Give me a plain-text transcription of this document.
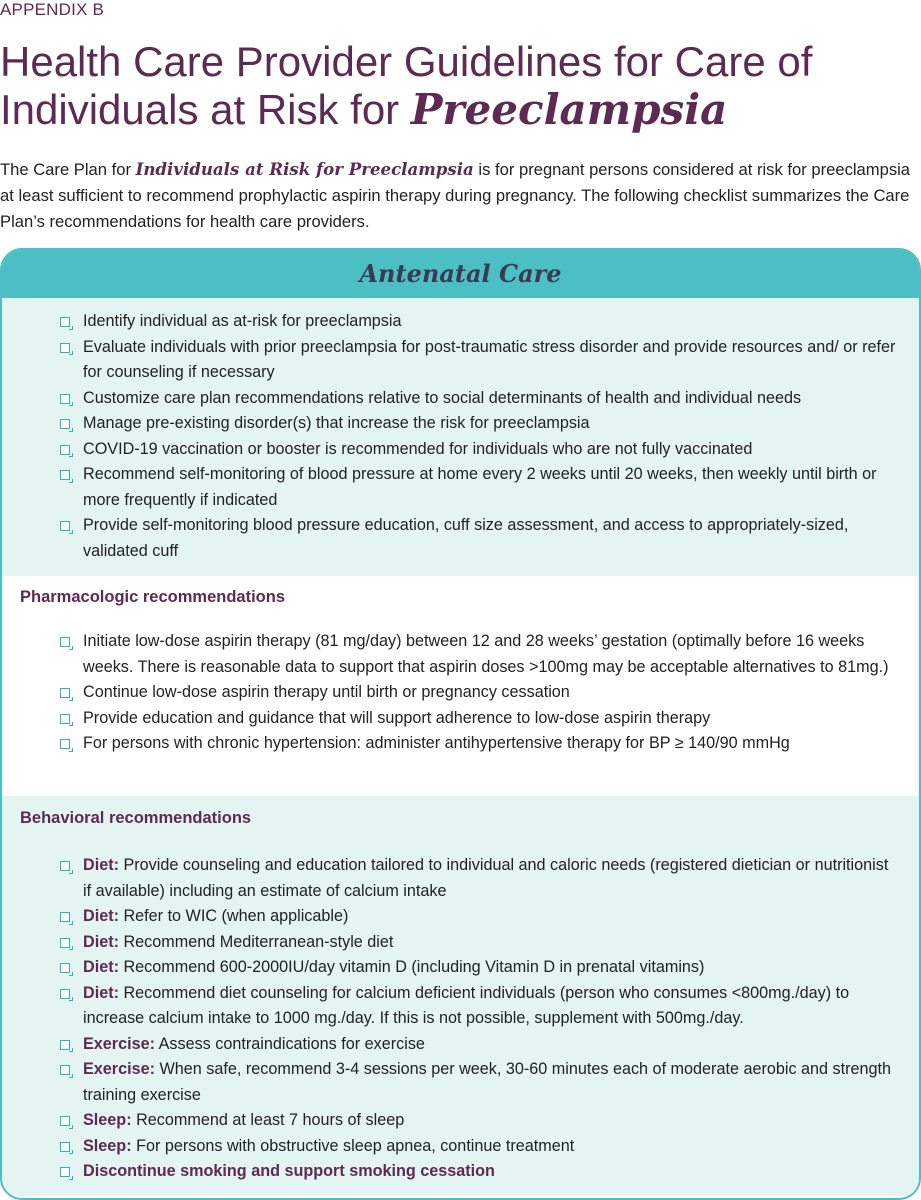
APPENDIX B
Health Care Provider Guidelines for Care of
Individuals at Risk for Preeclampsia

The Care Plan for Individuals at Risk for Preeclampsia is for pregnant persons considered at risk for preeclampsia at least sufficient to recommend prophylactic aspirin therapy during pregnancy. The following checklist summarizes the Care Plan’s recommendations for health care providers.

Antenatal Care
Identify individual as at-risk for preeclampsia
Evaluate individuals with prior preeclampsia for post-traumatic stress disorder and provide resources and/ or refer for counseling if necessary
Customize care plan recommendations relative to social determinants of health and individual needs
Manage pre-existing disorder(s) that increase the risk for preeclampsia
COVID-19 vaccination or booster is recommended for individuals who are not fully vaccinated
Recommend self-monitoring of blood pressure at home every 2 weeks until 20 weeks, then weekly until birth or more frequently if indicated
Provide self-monitoring blood pressure education, cuff size assessment, and access to appropriately-sized, validated cuff
Pharmacologic recommendations
Initiate low-dose aspirin therapy (81 mg/day) between 12 and 28 weeks’ gestation (optimally before 16 weeks weeks. There is reasonable data to support that aspirin doses >100mg may be acceptable alternatives to 81mg.)
Continue low-dose aspirin therapy until birth or pregnancy cessation
Provide education and guidance that will support adherence to low-dose aspirin therapy
For persons with chronic hypertension: administer antihypertensive therapy for BP ≥ 140/90 mmHg
Behavioral recommendations
Diet: Provide counseling and education tailored to individual and caloric needs (registered dietician or nutritionist if available) including an estimate of calcium intake
Diet: Refer to WIC (when applicable)
Diet: Recommend Mediterranean-style diet
Diet: Recommend 600-2000IU/day vitamin D (including Vitamin D in prenatal vitamins)
Diet: Recommend diet counseling for calcium deficient individuals (person who consumes <800mg./day) to increase calcium intake to 1000 mg./day. If this is not possible, supplement with 500mg./day.
Exercise: Assess contraindications for exercise
Exercise: When safe, recommend 3-4 sessions per week, 30-60 minutes each of moderate aerobic and strength training exercise
Sleep: Recommend at least 7 hours of sleep
Sleep: For persons with obstructive sleep apnea, continue treatment
Discontinue smoking and support smoking cessation
